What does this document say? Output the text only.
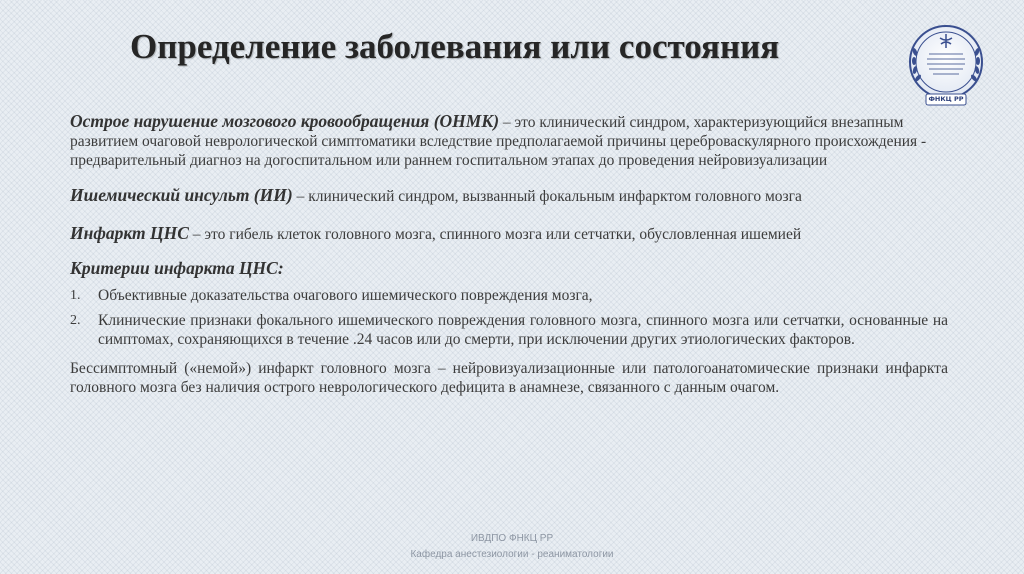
Определение заболевания или состояния
ФНКЦ РР

Острое нарушение мозгового кровообращения (ОНМК) – это клинический синдром, характеризующийся внезапным развитием очаговой неврологической симптоматики вследствие предполагаемой причины цереброваскулярного происхождения - предварительный диагноз на догоспитальном или раннем госпитальном этапах до проведения нейровизуализации

Ишемический инсульт (ИИ) – клинический синдром, вызванный фокальным инфарктом головного мозга

Инфаркт ЦНС – это гибель клеток головного мозга, спинного мозга или сетчатки, обусловленная ишемией

Критерии инфаркта ЦНС:
1.	Объективные доказательства очагового ишемического повреждения мозга,
2.	Клинические признаки фокального ишемического повреждения головного мозга, спинного мозга или сетчатки, основанные на симптомах, сохраняющихся в течение .24 часов или до смерти, при исключении других этиологических факторов.

Бессимптомный («немой») инфаркт головного мозга – нейровизуализационные или патологоанатомические признаки инфаркта головного мозга без наличия острого неврологического дефицита в анамнезе, связанного с данным очагом.

ИВДПО ФНКЦ РР
Кафедра анестезиологии - реаниматологии
